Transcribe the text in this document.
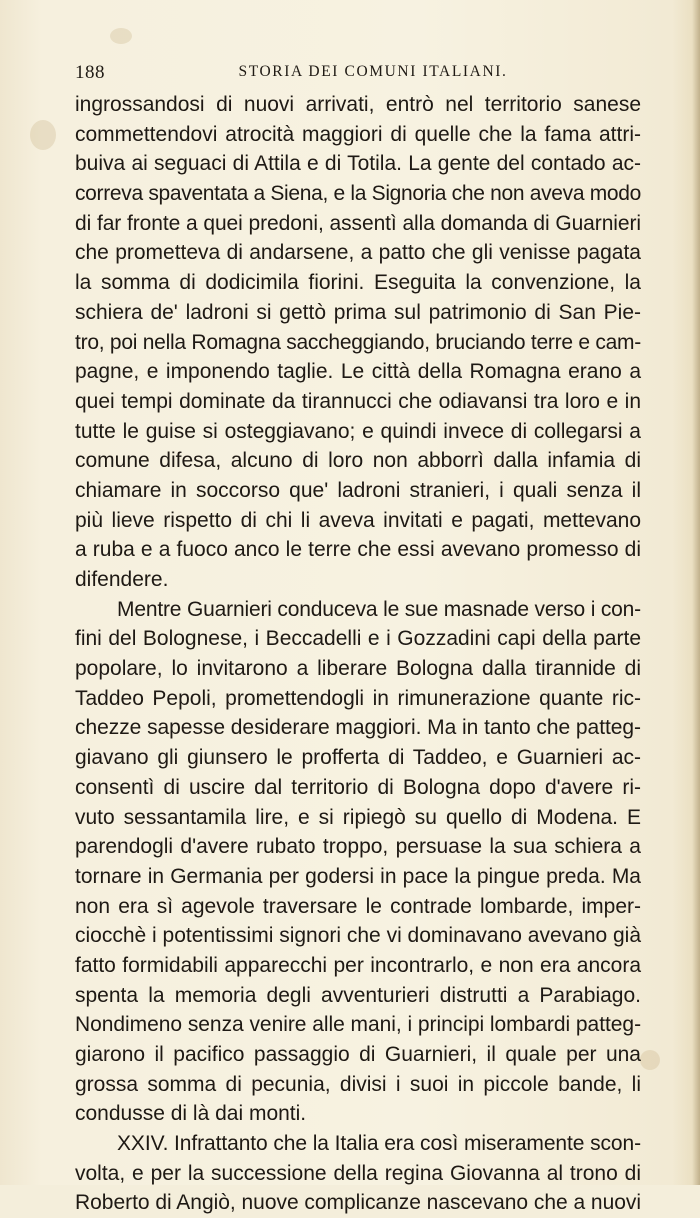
188	STORIA DEI COMUNI ITALIANI.
ingrossandosi di nuovi arrivati, entrò nel territorio sanese
commettendovi atrocità maggiori di quelle che la fama attri-
buiva ai seguaci di Attila e di Totila. La gente del contado ac-
correva spaventata a Siena, e la Signoria che non aveva modo
di far fronte a quei predoni, assentì alla domanda di Guarnieri
che prometteva di andarsene, a patto che gli venisse pagata
la somma di dodicimila fiorini. Eseguita la convenzione, la
schiera de' ladroni si gettò prima sul patrimonio di San Pie-
tro, poi nella Romagna saccheggiando, bruciando terre e cam-
pagne, e imponendo taglie. Le città della Romagna erano a
quei tempi dominate da tirannucci che odiavansi tra loro e in
tutte le guise si osteggiavano; e quindi invece di collegarsi a
comune difesa, alcuno di loro non abborrì dalla infamia di
chiamare in soccorso que' ladroni stranieri, i quali senza il
più lieve rispetto di chi li aveva invitati e pagati, mettevano
a ruba e a fuoco anco le terre che essi avevano promesso di
difendere.
Mentre Guarnieri conduceva le sue masnade verso i con-
fini del Bolognese, i Beccadelli e i Gozzadini capi della parte
popolare, lo invitarono a liberare Bologna dalla tirannide di
Taddeo Pepoli, promettendogli in rimunerazione quante ric-
chezze sapesse desiderare maggiori. Ma in tanto che patteg-
giavano gli giunsero le profferta di Taddeo, e Guarnieri ac-
consentì di uscire dal territorio di Bologna dopo d'avere ri-
vuto sessantamila lire, e si ripiegò su quello di Modena. E
parendogli d'avere rubato troppo, persuase la sua schiera a
tornare in Germania per godersi in pace la pingue preda. Ma
non era sì agevole traversare le contrade lombarde, imper-
ciocchè i potentissimi signori che vi dominavano avevano già
fatto formidabili apparecchi per incontrarlo, e non era ancora
spenta la memoria degli avventurieri distrutti a Parabiago.
Nondimeno senza venire alle mani, i principi lombardi patteg-
giarono il pacifico passaggio di Guarnieri, il quale per una
grossa somma di pecunia, divisi i suoi in piccole bande, li
condusse di là dai monti.
XXIV. Infrattanto che la Italia era così miseramente scon-
volta, e per la successione della regina Giovanna al trono di
Roberto di Angiò, nuove complicanze nascevano che a nuovi
